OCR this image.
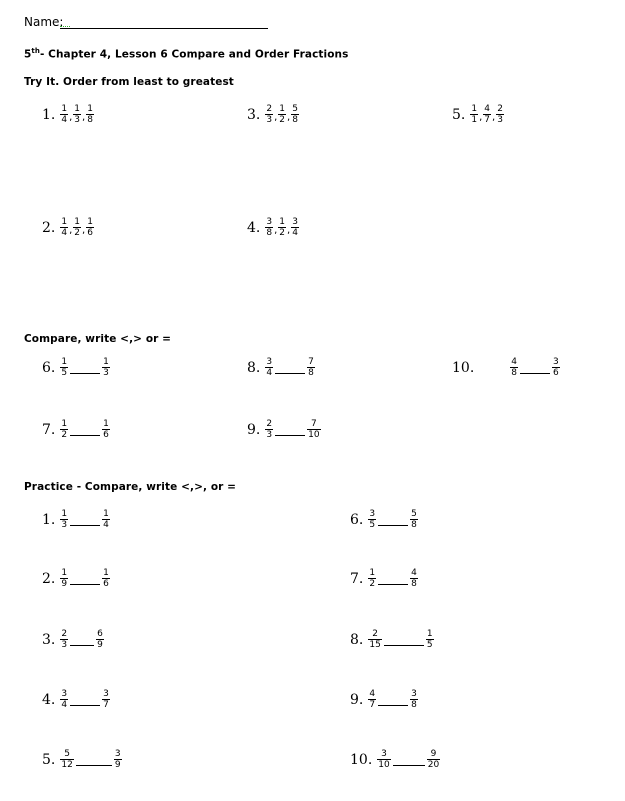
Name:
5th- Chapter 4, Lesson 6 Compare and Order Fractions
Try It. Order from least to greatest
Compare, write <,> or =
Practice - Compare, write <,>, or =
1. $\frac{1}{4}$ , $\frac{1}{3}$ , $\frac{1}{8}$
2. $\frac{1}{4}$ , $\frac{1}{2}$ , $\frac{1}{6}$
3. $\frac{2}{3}$ , $\frac{1}{2}$ , $\frac{5}{8}$
4. $\frac{3}{8}$ , $\frac{1}{2}$ , $\frac{3}{4}$
5. $\frac{1}{1}$ , $\frac{4}{7}$ , $\frac{2}{3}$
6. $\frac{1}{5}$	$\frac{1}{3}$
7. $\frac{1}{2}$	$\frac{1}{6}$
8. $\frac{3}{4}$	$\frac{7}{8}$
9. $\frac{2}{3}$	$\frac{7}{10}$
10.	$\frac{4}{8}$	$\frac{3}{6}$
1. $\frac{1}{3}$	$\frac{1}{4}$
2. $\frac{1}{9}$	$\frac{1}{6}$
3. $\frac{2}{3}$	$\frac{6}{9}$
4. $\frac{3}{4}$	$\frac{3}{7}$
5. $\frac{5}{12}$	$\frac{3}{9}$
6. $\frac{3}{5}$	$\frac{5}{8}$
7. $\frac{1}{2}$	$\frac{4}{8}$
8. $\frac{2}{15}$	$\frac{1}{5}$
9. $\frac{4}{7}$	$\frac{3}{8}$
10. $\frac{3}{10}$	$\frac{9}{20}$
